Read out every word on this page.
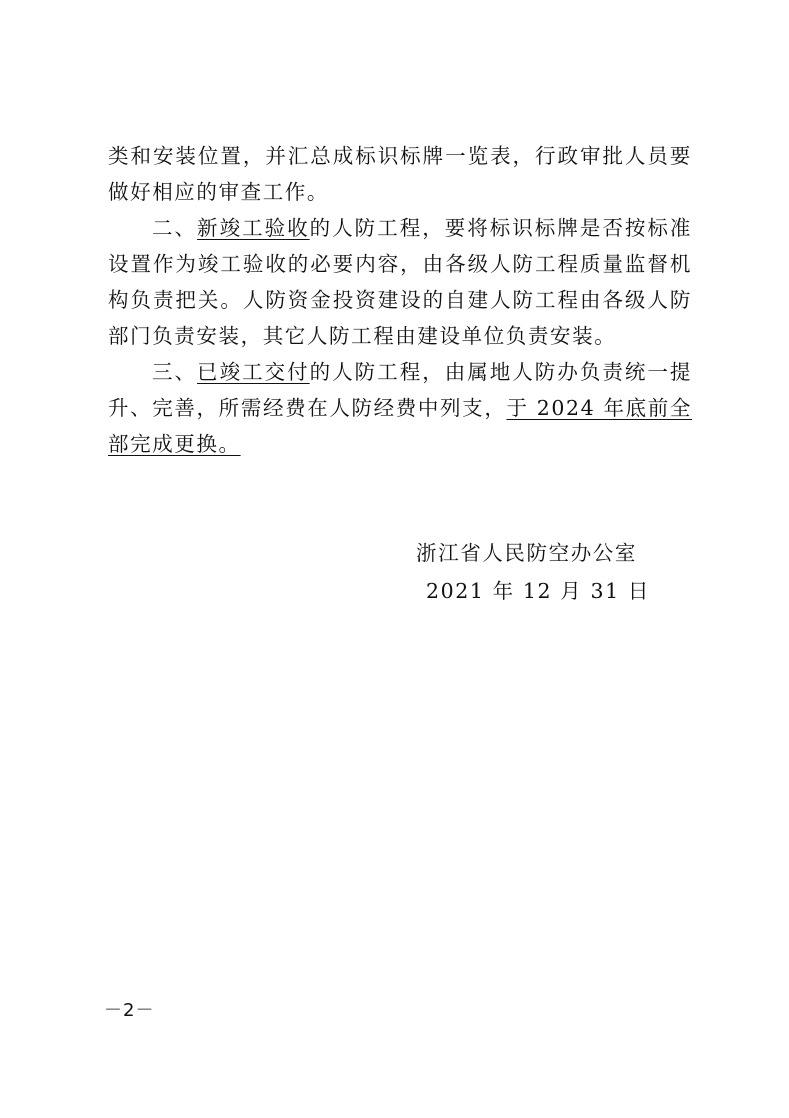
类和安装位置，并汇总成标识标牌一览表，行政审批人员要做好相应的审查工作。

二、新竣工验收的人防工程，要将标识标牌是否按标准设置作为竣工验收的必要内容，由各级人防工程质量监督机构负责把关。人防资金投资建设的自建人防工程由各级人防部门负责安装，其它人防工程由建设单位负责安装。

三、已竣工交付的人防工程，由属地人防办负责统一提升、完善，所需经费在人防经费中列支，于 2024 年底前全部完成更换。

浙江省人民防空办公室
2021 年 12 月 31 日
－2－
